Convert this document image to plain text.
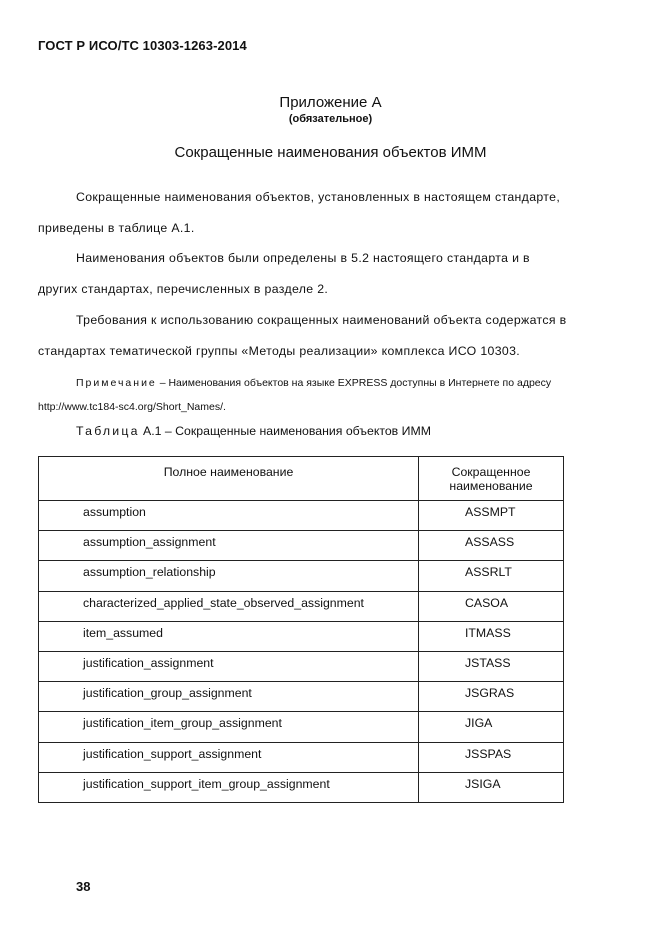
ГОСТ Р ИСО/ТС 10303-1263-2014
Приложение А
(обязательное)
Сокращенные наименования объектов ИММ
Сокращенные наименования объектов, установленных в настоящем стандарте,
приведены в таблице А.1.
Наименования объектов были определены в 5.2 настоящего стандарта и в
других стандартах, перечисленных в разделе 2.
Требования к использованию сокращенных наименований объекта содержатся в
стандартах тематической группы «Методы реализации» комплекса ИСО 10303.
Примечание – Наименования объектов на языке EXPRESS доступны в Интернете по адресу
http://www.tc184-sc4.org/Short_Names/.
Таблица А.1 – Сокращенные наименования объектов ИММ
Полное наименование	Сокращенное
наименование
assumption	ASSMPT
assumption_assignment	ASSASS
assumption_relationship	ASSRLT
characterized_applied_state_observed_assignment	CASOA
item_assumed	ITMASS
justification_assignment	JSTASS
justification_group_assignment	JSGRAS
justification_item_group_assignment	JIGA
justification_support_assignment	JSSPAS
justification_support_item_group_assignment	JSIGA
38
